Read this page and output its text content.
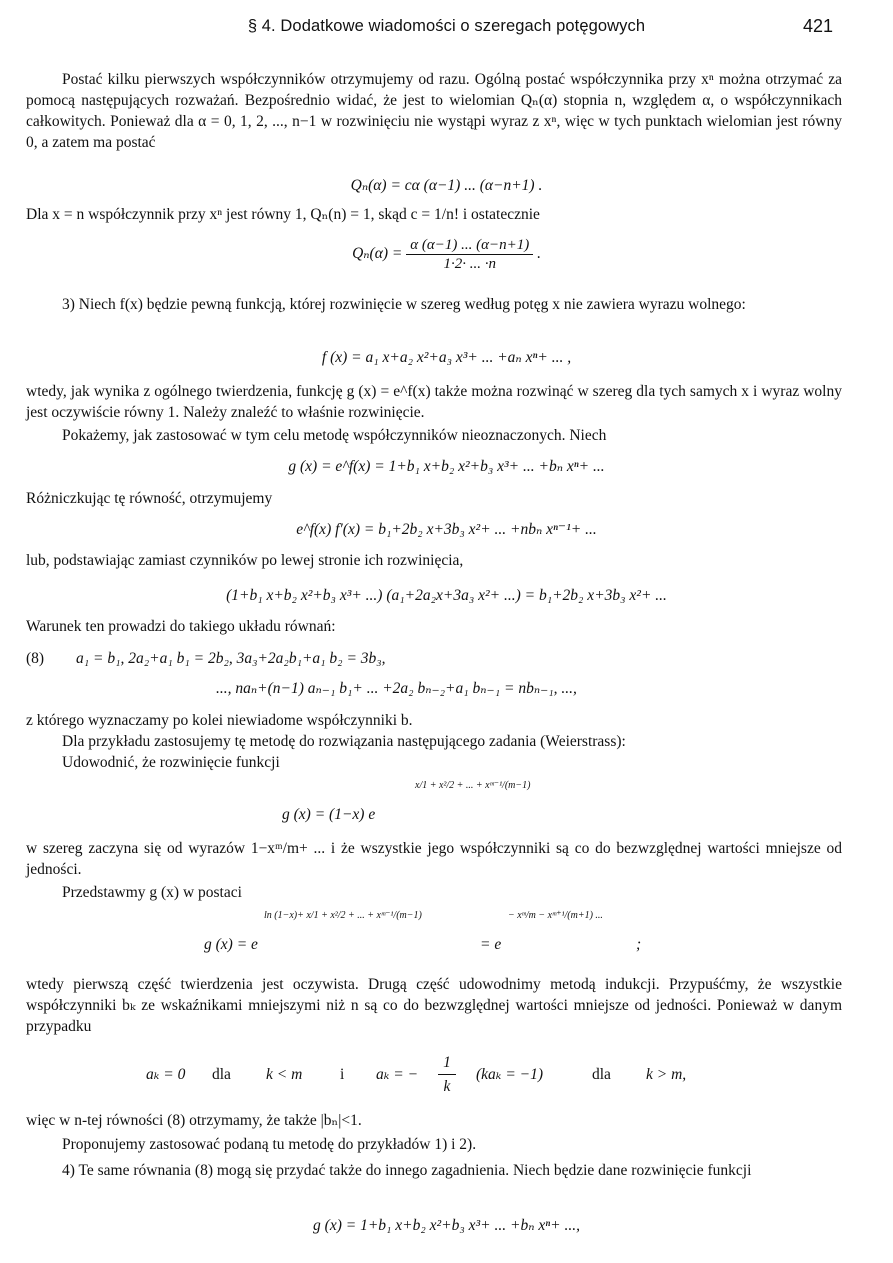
§ 4. Dodatkowe wiadomości o szeregach potęgowych	421

Postać kilku pierwszych współczynników otrzymujemy od razu. Ogólną postać współczynnika przy xⁿ można otrzymać za pomocą następujących rozważań. Bezpośrednio widać, że jest to wielomian Qₙ(α) stopnia n, względem α, o współczynnikach całkowitych. Ponieważ dla α = 0, 1, 2, ..., n−1 w rozwinięciu nie wystąpi wyraz z xⁿ, więc w tych punktach wielomian jest równy 0, a zatem ma postać

Qₙ(α) = cα (α−1) ... (α−n+1) .

Dla x = n współczynnik przy xⁿ jest równy 1, Qₙ(n) = 1, skąd c = 1/n! i ostatecznie

$Q_n(\alpha) = \frac{\alpha (\alpha-1) ... (\alpha-n+1)}{1\cdot 2\cdot ... \cdot n}$ .

3) Niech f(x) będzie pewną funkcją, której rozwinięcie w szereg według potęg x nie zawiera wyrazu wolnego:

f (x) = a₁ x+a₂ x²+a₃ x³+ ... +aₙ xⁿ+ ... ,

wtedy, jak wynika z ogólnego twierdzenia, funkcję g (x) = e^f(x) także można rozwinąć w szereg dla tych samych x i wyraz wolny jest oczywiście równy 1. Należy znaleźć to właśnie rozwinięcie.

Pokażemy, jak zastosować w tym celu metodę współczynników nieoznaczonych. Niech

g (x) = e^f(x) = 1+b₁ x+b₂ x²+b₃ x³+ ... +bₙ xⁿ+ ...

Różniczkując tę równość, otrzymujemy

e^f(x) f′(x) = b₁+2b₂ x+3b₃ x²+ ... +nbₙ xⁿ⁻¹+ ...

lub, podstawiając zamiast czynników po lewej stronie ich rozwinięcia,

(1+b₁ x+b₂ x²+b₃ x³+ ...) (a₁+2a₂x+3a₃ x²+ ...) = b₁+2b₂ x+3b₃ x²+ ...

Warunek ten prowadzi do takiego układu równań:

(8) a₁ = b₁, 2a₂+a₁ b₁ = 2b₂, 3a₃+2a₂b₁+a₁ b₂ = 3b₃,
..., naₙ+(n−1) aₙ₋₁ b₁+ ... +2a₂ bₙ₋₂+a₁ bₙ₋₁ = nbₙ₋₁, ...,

z którego wyznaczamy po kolei niewiadome współczynniki b.

Dla przykładu zastosujemy tę metodę do rozwiązania następującego zadania (Weierstrass):

Udowodnić, że rozwinięcie funkcji

x/1 + x²/2 + ... + xᵐ⁻¹/(m−1)
g (x) = (1−x) e

w szereg zaczyna się od wyrazów 1−xᵐ/m+ ... i że wszystkie jego współczynniki są co do bezwzględnej wartości mniejsze od jedności.

Przedstawmy g (x) w postaci

ln (1−x)+ x/1 + x²/2 + ... + xᵐ⁻¹/(m−1)	− xᵐ/m − xᵐ⁺¹/(m+1) ...
g (x) = e	= e	;

wtedy pierwszą część twierdzenia jest oczywista. Drugą część udowodnimy metodą indukcji. Przypuśćmy, że wszystkie współczynniki bₖ ze wskaźnikami mniejszymi niż n są co do bezwzględnej wartości mniejsze od jedności. Ponieważ w danym przypadku

aₖ = 0 dla k < m i aₖ = −
1
k
(kaₖ = −1)	dla k > m,

więc w n-tej równości (8) otrzymamy, że także |bₙ|<1.

Proponujemy zastosować podaną tu metodę do przykładów 1) i 2).

4) Te same równania (8) mogą się przydać także do innego zagadnienia. Niech będzie dane rozwinięcie funkcji

g (x) = 1+b₁ x+b₂ x²+b₃ x³+ ... +bₙ xⁿ+ ...,
